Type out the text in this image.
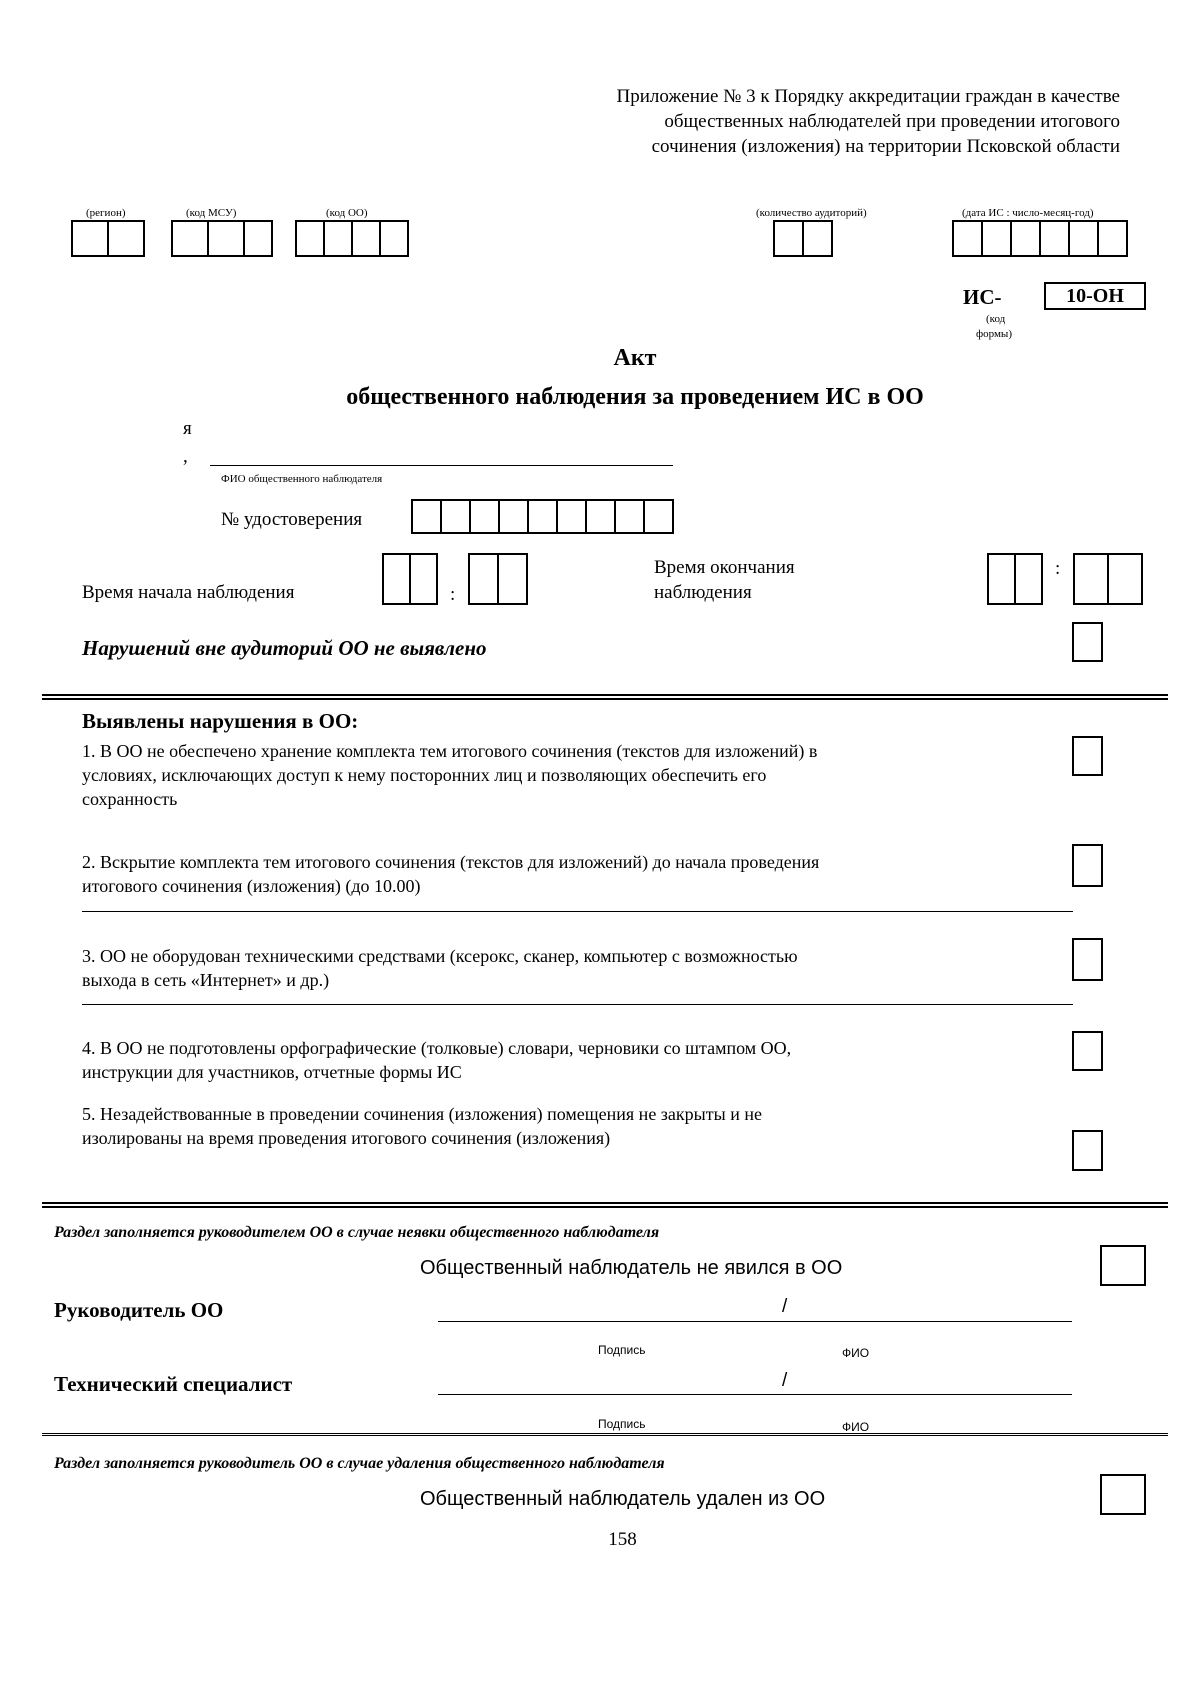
Приложение № 3 к Порядку аккредитации граждан в качестве
общественных наблюдателей при проведении итогового
сочинения (изложения) на территории Псковской области
(регион)	(код МСУ)	(код ОО)	(количество аудиторий)	(дата ИС : число-месяц-год)
ИС-	10-ОН
(код
формы)
Акт
общественного наблюдения за проведением ИС в ОО
я
,
ФИО общественного наблюдателя
№ удостоверения
Время начала наблюдения	:
Время окончания
наблюдения
:
Нарушений вне аудиторий ОО не выявлено
Выявлены нарушения в ОО:
1. В ОО не обеспечено хранение комплекта тем итогового сочинения (текстов для изложений) в
условиях, исключающих доступ к нему посторонних лиц и позволяющих обеспечить его
сохранность
2. Вскрытие комплекта тем итогового сочинения (текстов для изложений) до начала проведения
итогового сочинения (изложения) (до 10.00)
3. ОО не оборудован техническими средствами (ксерокс, сканер, компьютер с возможностью
выхода в сеть «Интернет» и др.)
4. В ОО не подготовлены орфографические (толковые) словари, черновики со штампом ОО,
инструкции для участников, отчетные формы ИС
5. Незадействованные в проведении сочинения (изложения) помещения не закрыты и не
изолированы на время проведения итогового сочинения (изложения)
Раздел заполняется руководителем ОО в случае неявки общественного наблюдателя
Общественный наблюдатель не явился в ОО
Руководитель ОО	/
Подпись	ФИО
Технический специалист	/
Подпись	ФИО
Раздел заполняется руководитель ОО в случае удаления общественного наблюдателя
Общественный наблюдатель удален из ОО
158
